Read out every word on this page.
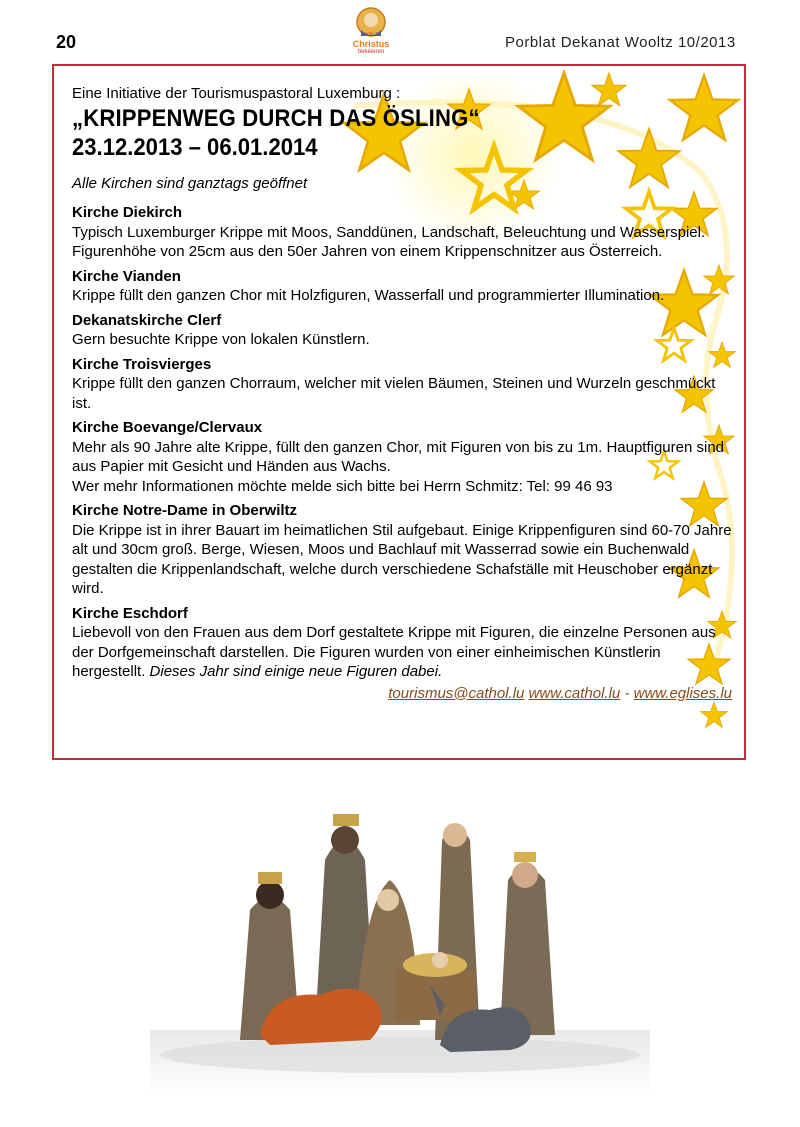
20	sech zu
Christus
bekéieren
Porblat Dekanat Wooltz 10/2013

Eine Initiative der Tourismuspastoral Luxemburg :

„KRIPPENWEG DURCH DAS ÖSLING“
23.12.2013 – 06.01.2014

Alle Kirchen sind ganztags geöffnet

Kirche Diekirch

Typisch Luxemburger Krippe mit Moos, Sanddünen, Landschaft, Beleuchtung und Wasserspiel. Figurenhöhe von 25cm aus den 50er Jahren von einem Krippenschnitzer aus Österreich.

Kirche Vianden

Krippe füllt den ganzen Chor mit Holzfiguren, Wasserfall und programmierter Illumination.

Dekanatskirche Clerf

Gern besuchte Krippe von lokalen Künstlern.

Kirche Troisvierges

Krippe füllt den ganzen Chorraum, welcher mit vielen Bäumen, Steinen und Wurzeln geschmückt ist.

Kirche Boevange/Clervaux

Mehr als 90 Jahre alte Krippe, füllt den ganzen Chor, mit Figuren von bis zu 1m. Hauptfiguren sind aus Papier mit Gesicht und Händen aus Wachs.

Wer mehr Informationen möchte melde sich bitte bei Herrn Schmitz: Tel: 99 46 93

Kirche Notre-Dame in Oberwiltz

Die Krippe ist in ihrer Bauart im heimatlichen Stil aufgebaut. Einige Krippenfiguren sind 60-70 Jahre alt und 30cm groß. Berge, Wiesen, Moos und Bachlauf mit Wasserrad sowie ein Buchenwald gestalten die Krippenlandschaft, welche durch verschiedene Schafställe mit Heuschober ergänzt wird.

Kirche Eschdorf

Liebevoll von den Frauen aus dem Dorf gestaltete Krippe mit Figuren, die einzelne Personen aus der Dorfgemeinschaft darstellen. Die Figuren wurden von einer einheimischen Künstlerin hergestellt. Dieses Jahr sind einige neue Figuren dabei.

tourismus@cathol.lu www.cathol.lu - www.eglises.lu
